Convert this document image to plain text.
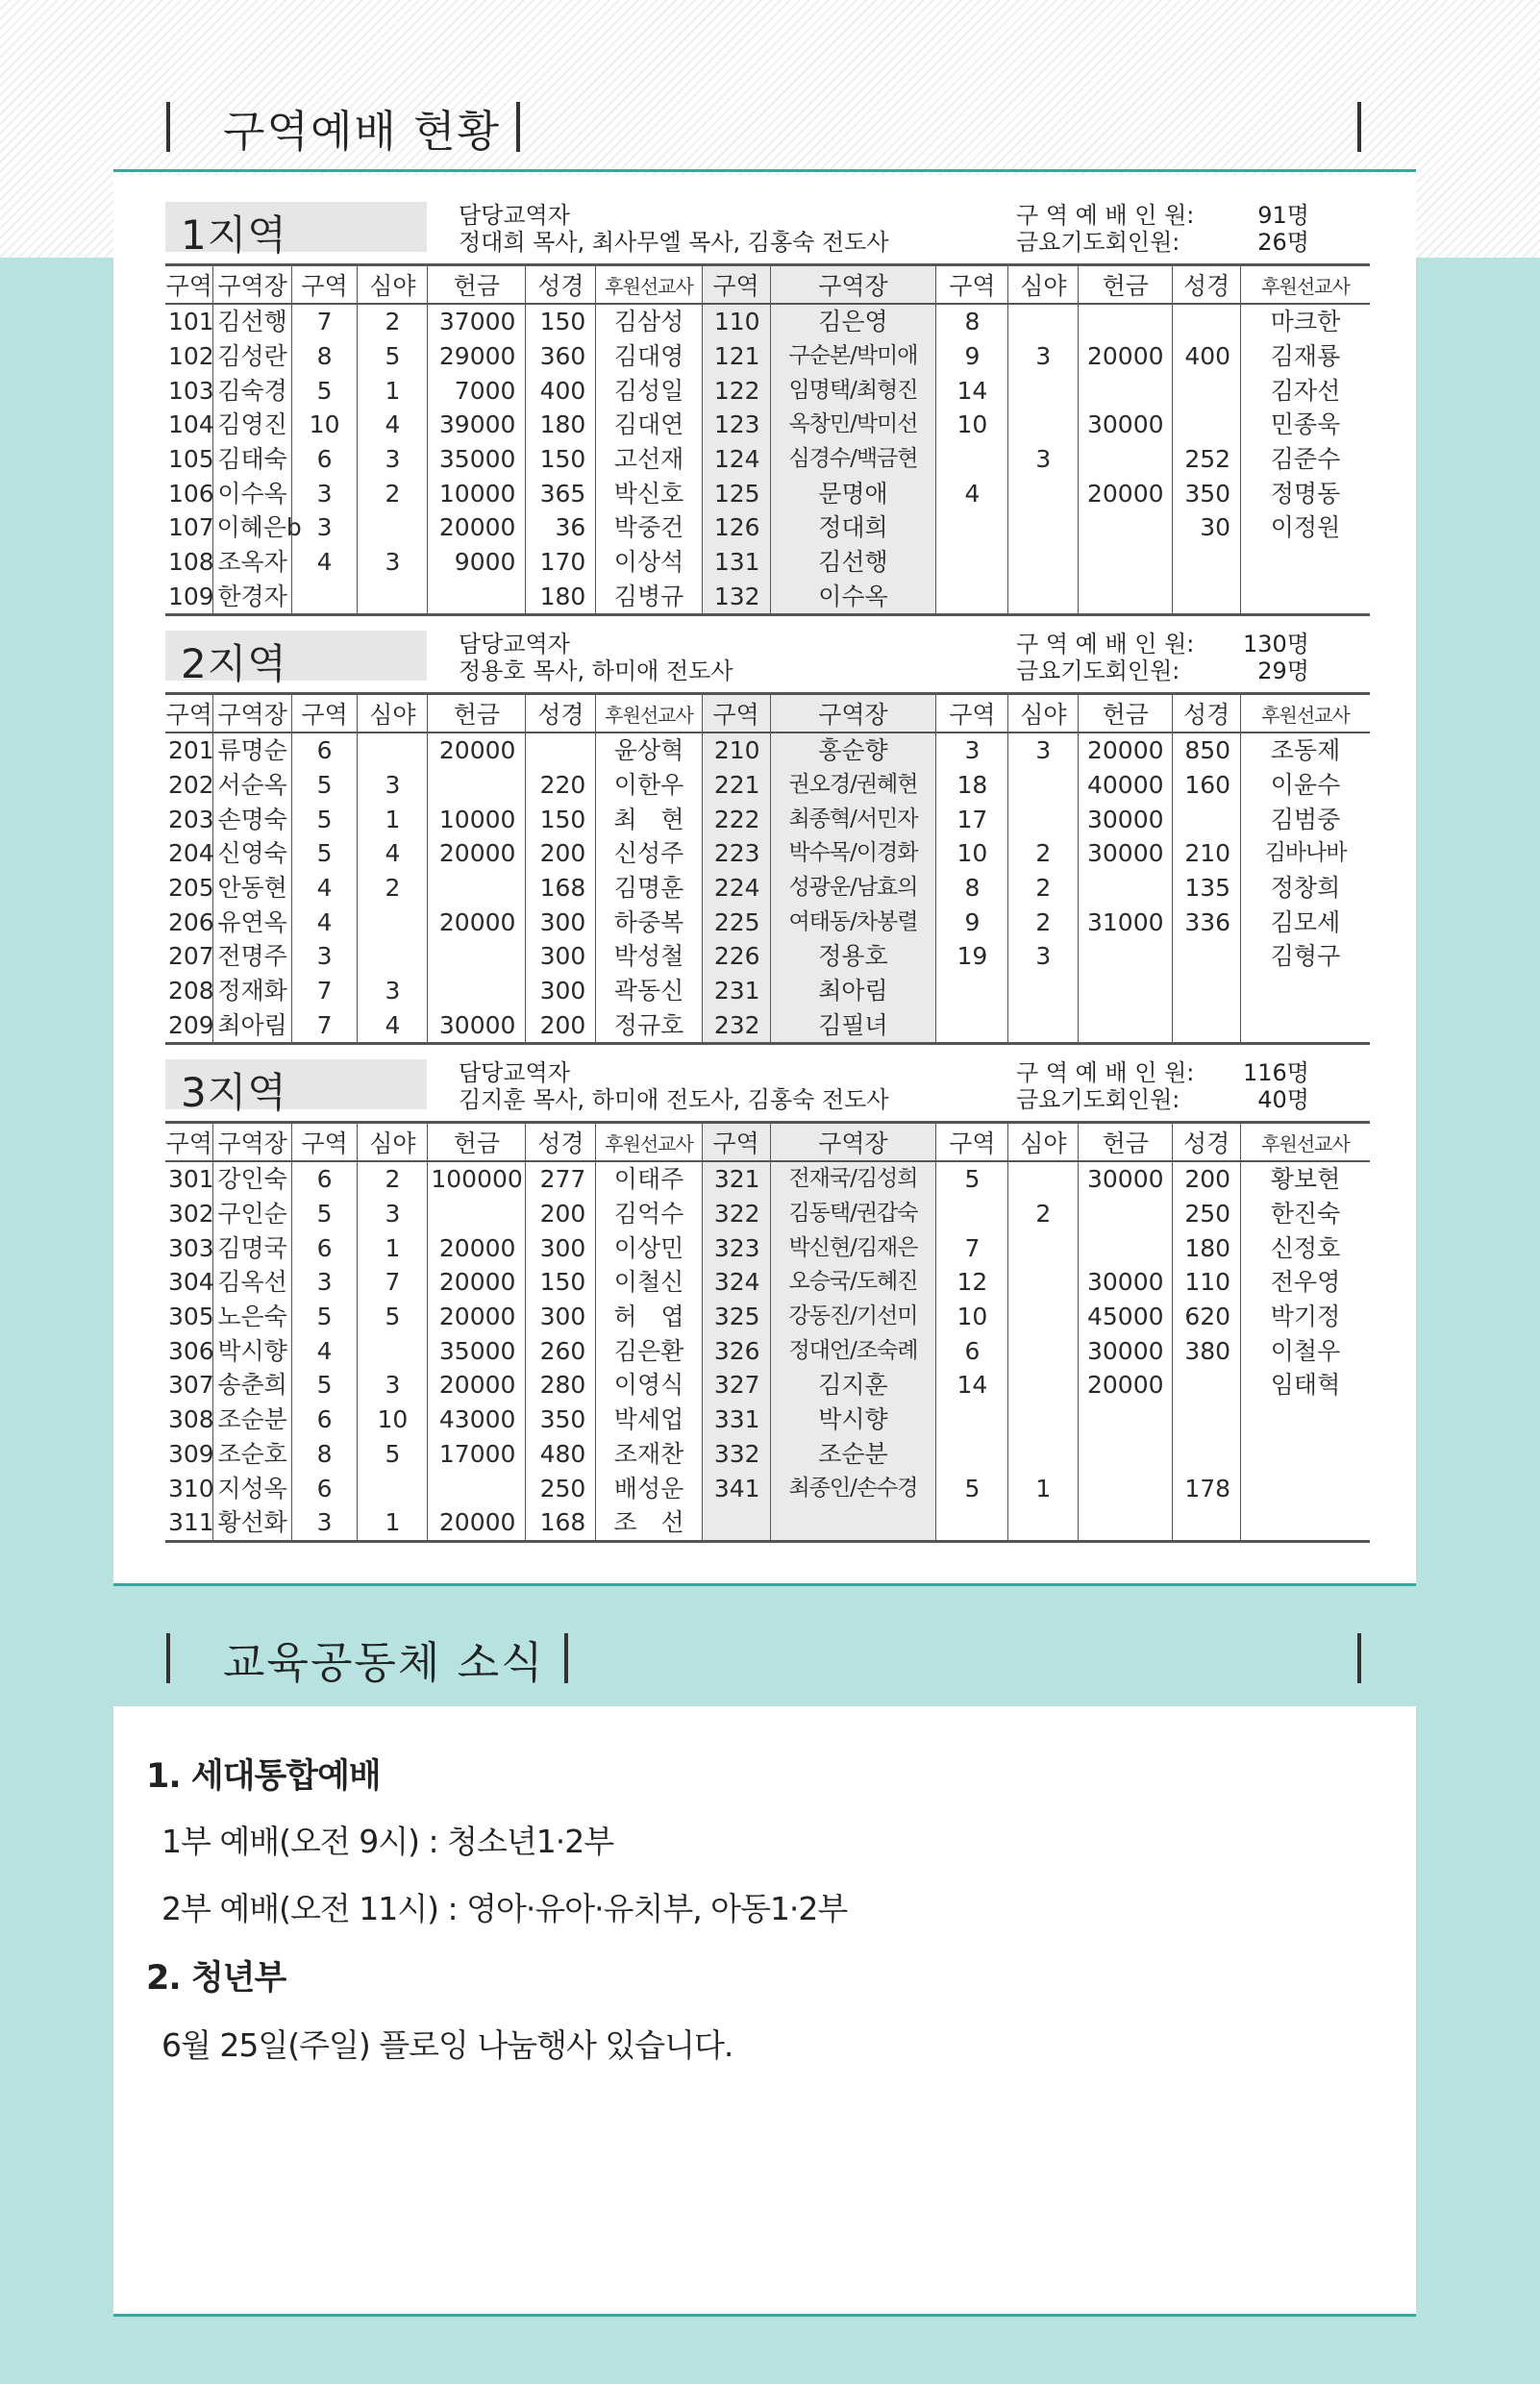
구역예배 현황
1지역	담당교역자
정대희 목사, 최사무엘 목사, 김홍숙 전도사
구 역 예 배 인 원:	91명
금요기도회인원:	26명
구역	구역장	구역	심야	헌금	성경	후원선교사	구역	구역장	구역	심야	헌금	성경	후원선교사
101	김선행	7	2	37000	150	김삼성	110	김은영	8				마크한
102	김성란	8	5	29000	360	김대영	121	구순본/박미애	9	3	20000	400	김재룡
103	김숙경	5	1	7000	400	김성일	122	임명택/최형진	14				김자선
104	김영진	10	4	39000	180	김대연	123	옥창민/박미선	10		30000		민종욱
105	김태숙	6	3	35000	150	고선재	124	심경수/백금현		3		252	김준수
106	이수옥	3	2	10000	365	박신호	125	문명애	4		20000	350	정명동
107	이혜은b	3		20000	36	박중건	126	정대희				30	이정원
108	조옥자	4	3	9000	170	이상석	131	김선행					
109	한경자				180	김병규	132	이수옥					
2지역	담당교역자
정용호 목사, 하미애 전도사
구 역 예 배 인 원:	130명
금요기도회인원:	29명
구역	구역장	구역	심야	헌금	성경	후원선교사	구역	구역장	구역	심야	헌금	성경	후원선교사
201	류명순	6		20000		윤상혁	210	홍순향	3	3	20000	850	조동제
202	서순옥	5	3		220	이한우	221	권오경/권혜현	18		40000	160	이윤수
203	손명숙	5	1	10000	150	최　현	222	최종혁/서민자	17		30000		김범중
204	신영숙	5	4	20000	200	신성주	223	박수목/이경화	10	2	30000	210	김바나바
205	안동현	4	2		168	김명훈	224	성광운/남효의	8	2		135	정창희
206	유연옥	4		20000	300	하중복	225	여태동/차봉렬	9	2	31000	336	김모세
207	전명주	3			300	박성철	226	정용호	19	3			김형구
208	정재화	7	3		300	곽동신	231	최아림					
209	최아림	7	4	30000	200	정규호	232	김필녀					
3지역	담당교역자
김지훈 목사, 하미애 전도사, 김홍숙 전도사
구 역 예 배 인 원:	116명
금요기도회인원:	40명
구역	구역장	구역	심야	헌금	성경	후원선교사	구역	구역장	구역	심야	헌금	성경	후원선교사
301	강인숙	6	2	100000	277	이태주	321	전재국/김성희	5		30000	200	황보현
302	구인순	5	3		200	김억수	322	김동택/권갑숙		2		250	한진숙
303	김명국	6	1	20000	300	이상민	323	박신현/김재은	7			180	신정호
304	김옥선	3	7	20000	150	이철신	324	오승국/도혜진	12		30000	110	전우영
305	노은숙	5	5	20000	300	허　엽	325	강동진/기선미	10		45000	620	박기정
306	박시향	4		35000	260	김은환	326	정대언/조숙례	6		30000	380	이철우
307	송춘희	5	3	20000	280	이영식	327	김지훈	14		20000		임태혁
308	조순분	6	10	43000	350	박세업	331	박시향					
309	조순호	8	5	17000	480	조재찬	332	조순분					
310	지성옥	6			250	배성운	341	최종인/손수경	5	1		178	
311	황선화	3	1	20000	168	조　선							
교육공동체 소식
1. 세대통합예배
1부 예배(오전 9시) : 청소년1·2부
2부 예배(오전 11시) : 영아·유아·유치부, 아동1·2부
2. 청년부
6월 25일(주일) 플로잉 나눔행사 있습니다.
